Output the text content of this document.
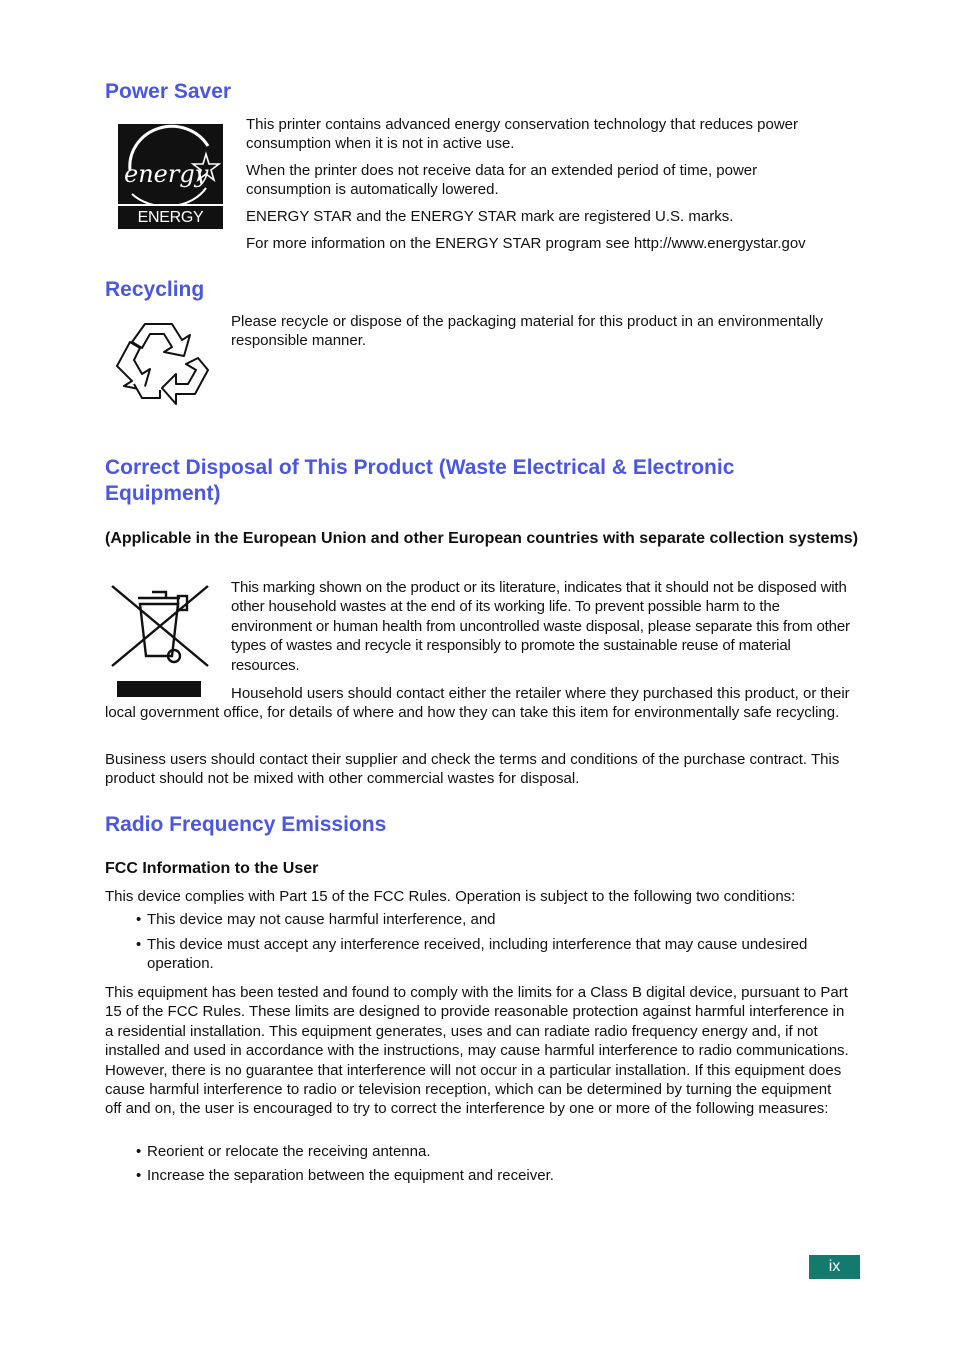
Power Saver
energy
ENERGY STAR

This printer contains advanced energy conservation technology that reduces power consumption when it is not in active use.

When the printer does not receive data for an extended period of time, power consumption is automatically lowered.

ENERGY STAR and the ENERGY STAR mark are registered U.S. marks.

For more information on the ENERGY STAR program see http://www.energystar.gov

Recycling

Please recycle or dispose of the packaging material for this product in an environmentally responsible manner.

Correct Disposal of This Product (Waste Electrical & Electronic Equipment)

(Applicable in the European Union and other European countries with separate collection systems)

This marking shown on the product or its literature, indicates that it should not be disposed with other household wastes at the end of its working life. To prevent possible harm to the environment or human health from uncontrolled waste disposal, please separate this from other types of wastes and recycle it responsibly to promote the sustainable reuse of material resources.

Household users should contact either the retailer where they purchased this product, or their local government office, for details of where and how they can take this item for environmentally safe recycling.

Business users should contact their supplier and check the terms and conditions of the purchase contract. This product should not be mixed with other commercial wastes for disposal.

Radio Frequency Emissions

FCC Information to the User

This device complies with Part 15 of the FCC Rules. Operation is subject to the following two conditions:

• This device may not cause harmful interference, and
• This device must accept any interference received, including interference that may cause undesired operation.

This equipment has been tested and found to comply with the limits for a Class B digital device, pursuant to Part 15 of the FCC Rules. These limits are designed to provide reasonable protection against harmful interference in a residential installation. This equipment generates, uses and can radiate radio frequency energy and, if not installed and used in accordance with the instructions, may cause harmful interference to radio communications. However, there is no guarantee that interference will not occur in a particular installation. If this equipment does cause harmful interference to radio or television reception, which can be determined by turning the equipment off and on, the user is encouraged to try to correct the interference by one or more of the following measures:

• Reorient or relocate the receiving antenna.
• Increase the separation between the equipment and receiver.
ix
